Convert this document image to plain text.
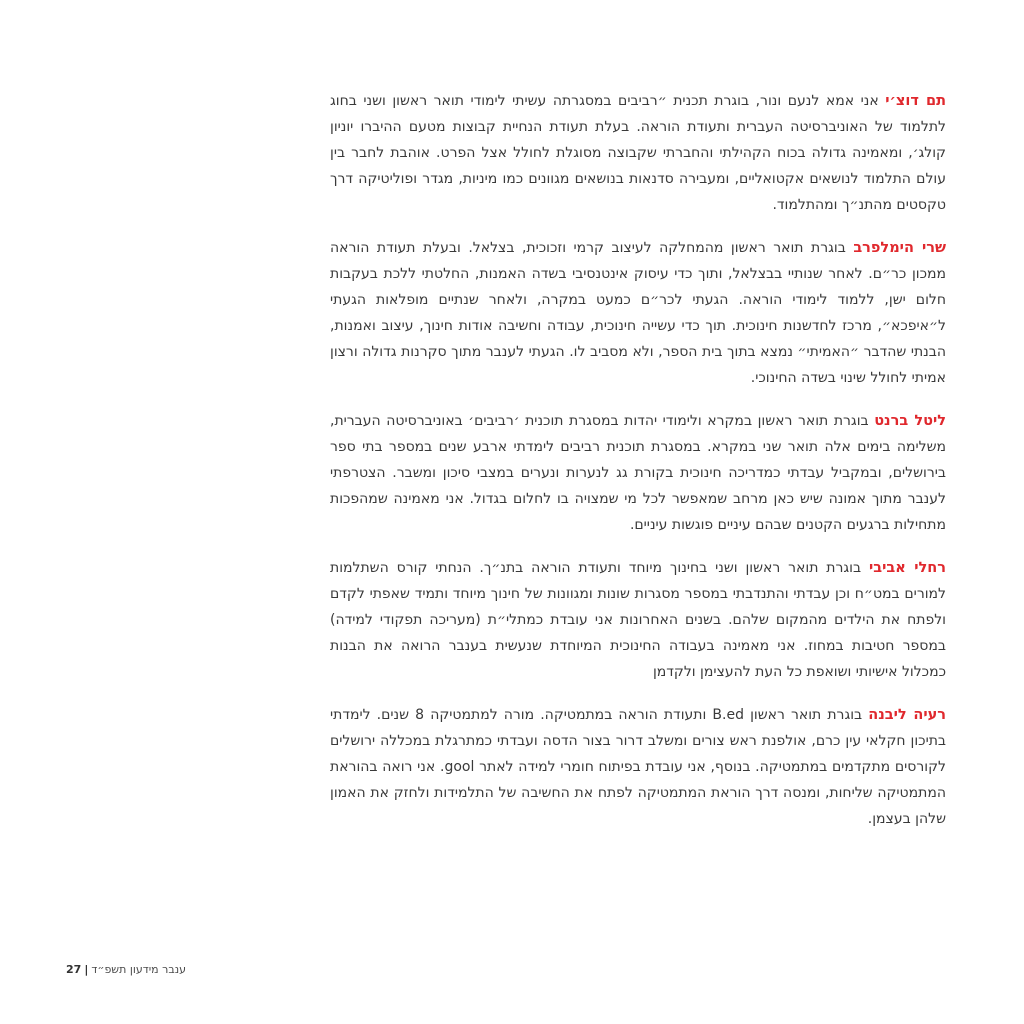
תם דוצ׳י אני אמא לנעם ונור, בוגרת תכנית ״רביבים במסגרתה עשיתי לימודי תואר ראשון ושני בחוג לתלמוד של האוניברסיטה העברית ותעודת הוראה. בעלת תעודת הנחיית קבוצות מטעם ההיברו יוניון קולג׳, ומאמינה גדולה בכוח הקהילתי והחברתי שקבוצה מסוגלת לחולל אצל הפרט. אוהבת לחבר בין עולם התלמוד לנושאים אקטואליים, ומעבירה סדנאות בנושאים מגוונים כמו מיניות, מגדר ופוליטיקה דרך טקסטים מהתנ״ך ומהתלמוד.

שרי הימלפרב בוגרת תואר ראשון מהמחלקה לעיצוב קרמי וזכוכית, בצלאל. ובעלת תעודת הוראה ממכון כר״ם. לאחר שנותיי בבצלאל, ותוך כדי עיסוק אינטנסיבי בשדה האמנות, החלטתי ללכת בעקבות חלום ישן, ללמוד לימודי הוראה. הגעתי לכר״ם כמעט במקרה, ולאחר שנתיים מופלאות הגעתי ל״איפכא״, מרכז לחדשנות חינוכית. תוך כדי עשייה חינוכית, עבודה וחשיבה אודות חינוך, עיצוב ואמנות, הבנתי שהדבר ״האמיתי״ נמצא בתוך בית הספר, ולא מסביב לו. הגעתי לענבר מתוך סקרנות גדולה ורצון אמיתי לחולל שינוי בשדה החינוכי.

ליטל ברנט בוגרת תואר ראשון במקרא ולימודי יהדות במסגרת תוכנית ׳רביבים׳ באוניברסיטה העברית, משלימה בימים אלה תואר שני במקרא. במסגרת תוכנית רביבים לימדתי ארבע שנים במספר בתי ספר בירושלים, ובמקביל עבדתי כמדריכה חינוכית בקורת גג לנערות ונערים במצבי סיכון ומשבר. הצטרפתי לענבר מתוך אמונה שיש כאן מרחב שמאפשר לכל מי שמצויה בו לחלום בגדול. אני מאמינה שמהפכות מתחילות ברגעים הקטנים שבהם עיניים פוגשות עיניים.

רחלי אביבי בוגרת תואר ראשון ושני בחינוך מיוחד ותעודת הוראה בתנ״ך. הנחתי קורס השתלמות למורים במט״ח וכן עבדתי והתנדבתי במספר מסגרות שונות ומגוונות של חינוך מיוחד ותמיד שאפתי לקדם ולפתח את הילדים מהמקום שלהם. בשנים האחרונות אני עובדת כמתלי״ת (מעריכה תפקודי למידה) במספר חטיבות במחוז. אני מאמינה בעבודה החינוכית המיוחדת שנעשית בענבר הרואה את הבנות כמכלול אישיותי ושואפת כל העת להעצימן ולקדמן

רעיה ליבנה בוגרת תואר ראשון B.ed ותעודת הוראה במתמטיקה. מורה למתמטיקה 8 שנים. לימדתי בתיכון חקלאי עין כרם, אולפנת ראש צורים ומשלב דרור בצור הדסה ועבדתי כמתרגלת במכללה ירושלים לקורסים מתקדמים במתמטיקה. בנוסף, אני עובדת בפיתוח חומרי למידה לאתר gool. אני רואה בהוראת המתמטיקה שליחות, ומנסה דרך הוראת המתמטיקה לפתח את החשיבה של התלמידות ולחזק את האמון שלהן בעצמן.

ענבר מידעון תשפ״ד|27
